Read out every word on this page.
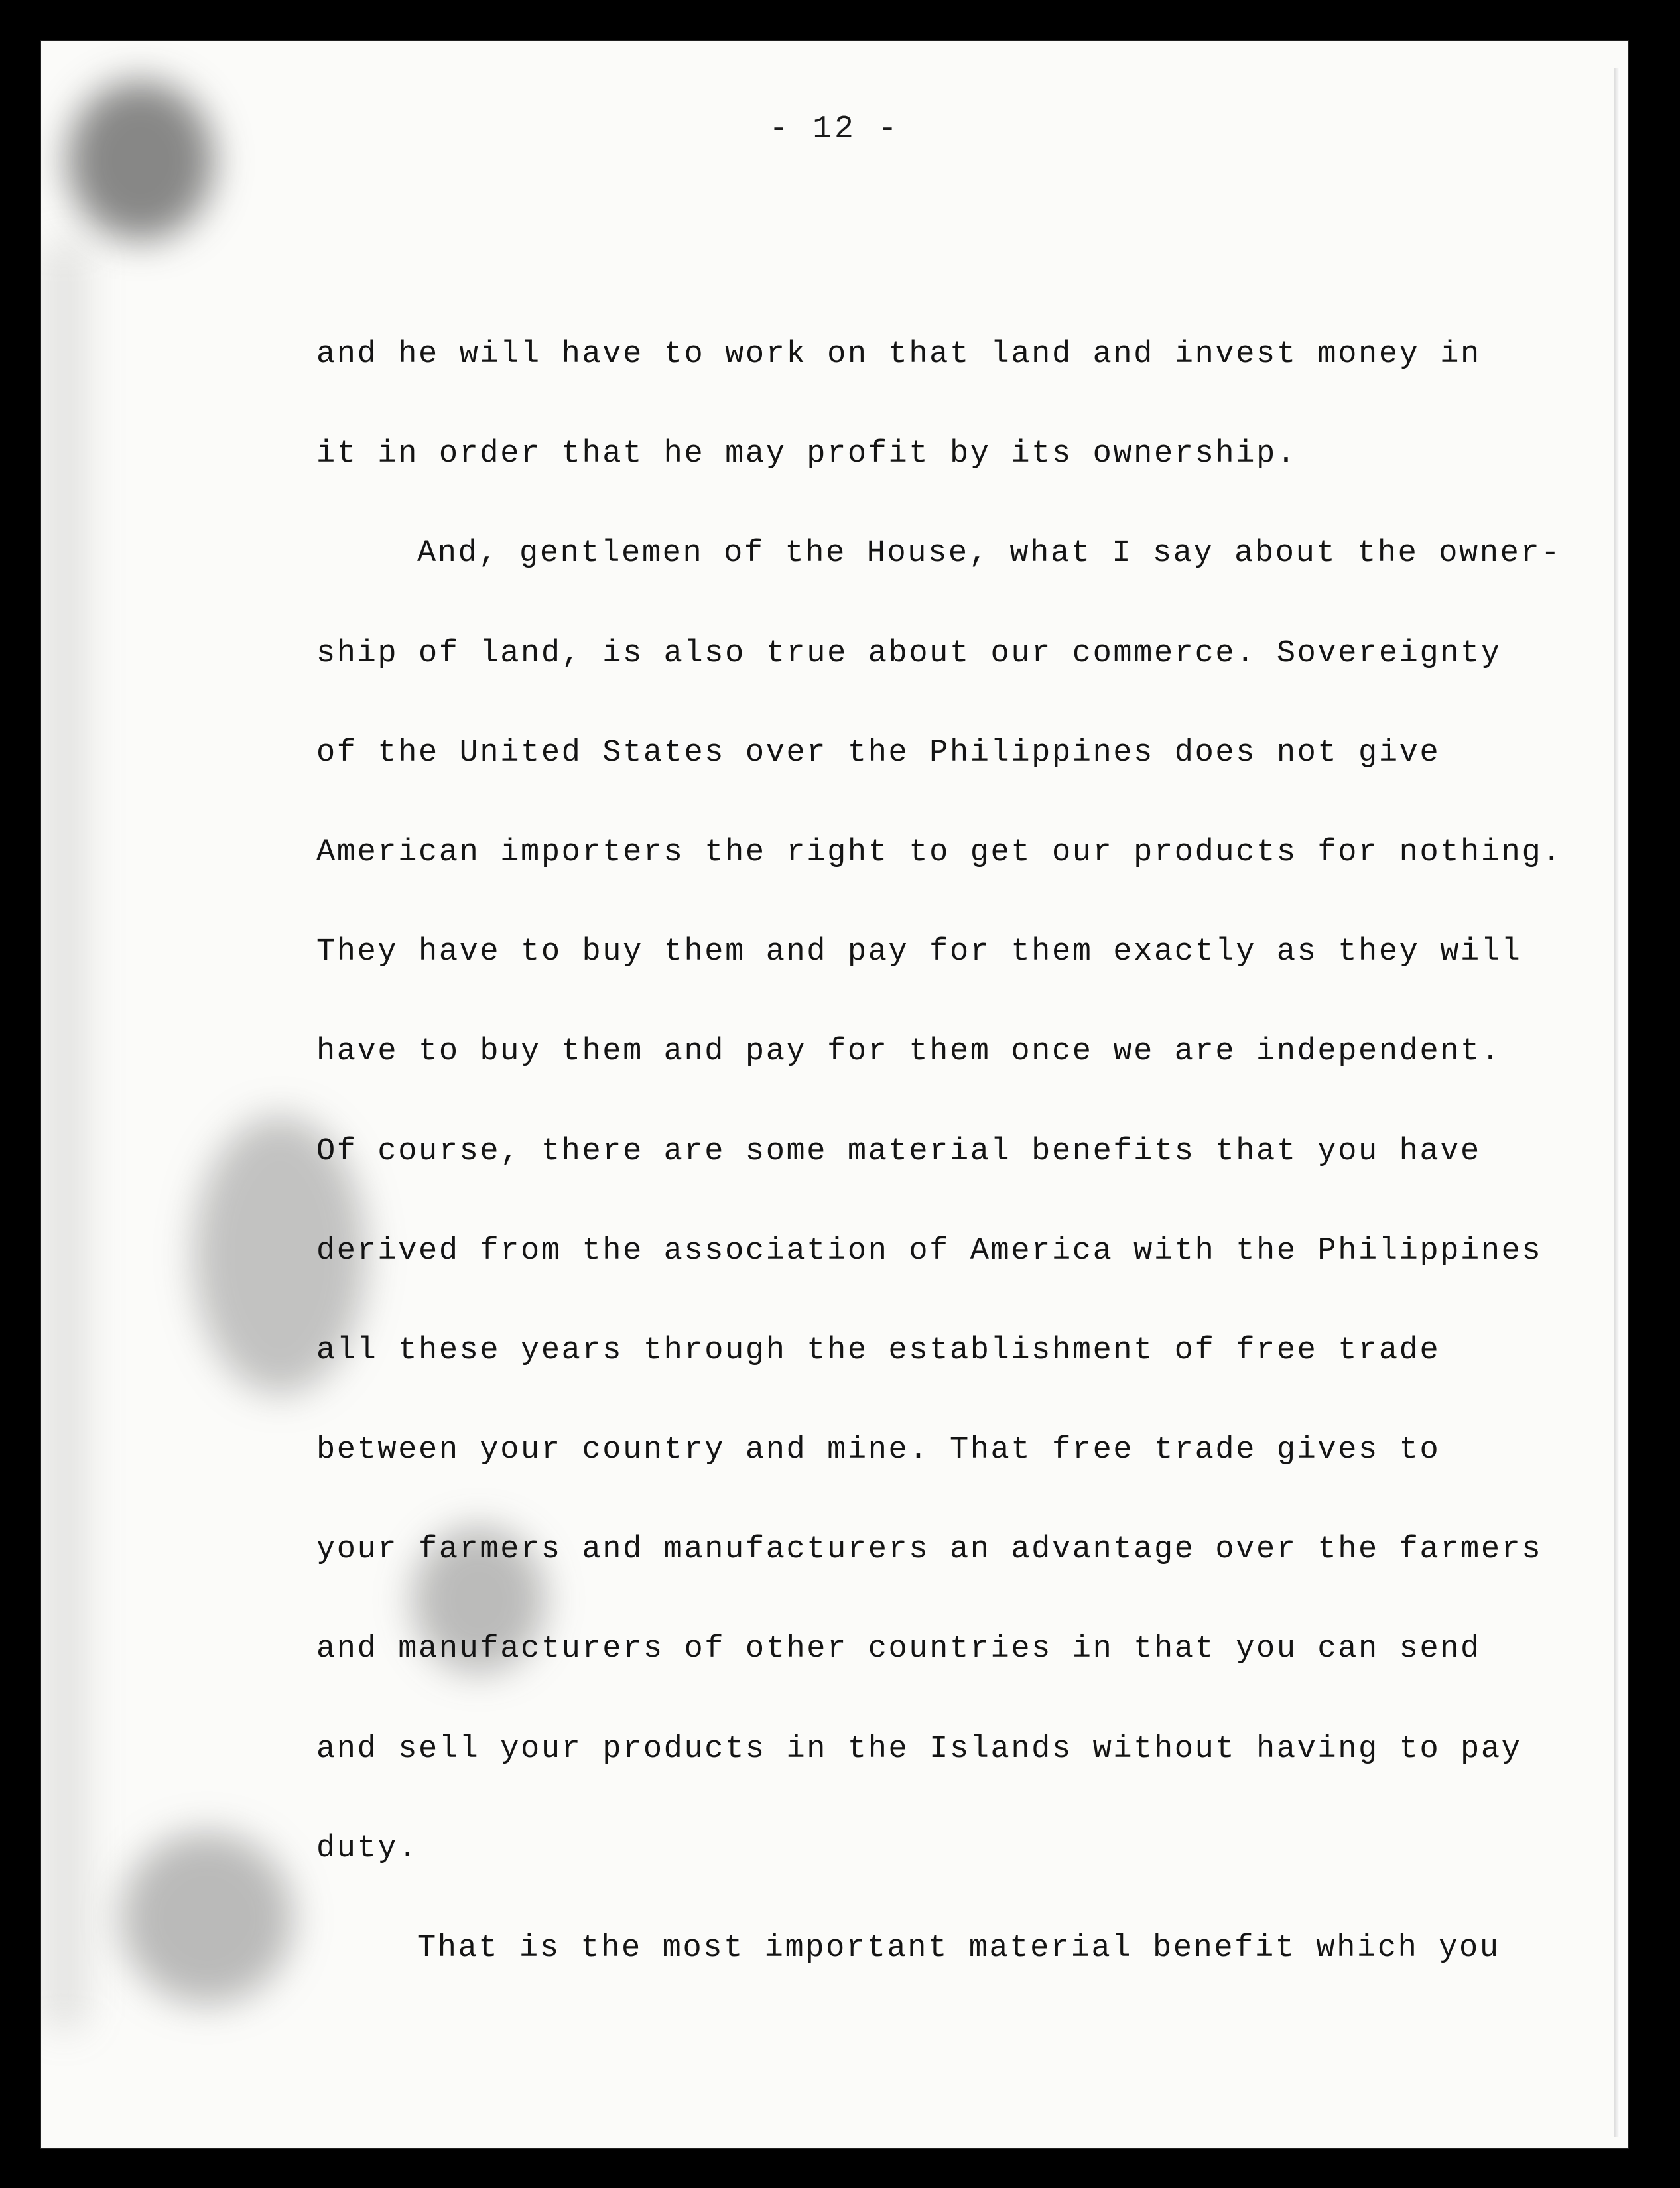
- 12 -
and he will have to work on that land and invest money in
it in order that he may profit by its ownership.
And, gentlemen of the House, what I say about the owner-
ship of land, is also true about our commerce. Sovereignty
of the United States over the Philippines does not give
American importers the right to get our products for nothing.
They have to buy them and pay for them exactly as they will
have to buy them and pay for them once we are independent.
Of course, there are some material benefits that you have
derived from the association of America with the Philippines
all these years through the establishment of free trade
between your country and mine. That free trade gives to
your farmers and manufacturers an advantage over the farmers
and manufacturers of other countries in that you can send
and sell your products in the Islands without having to pay
duty.
That is the most important material benefit which you
